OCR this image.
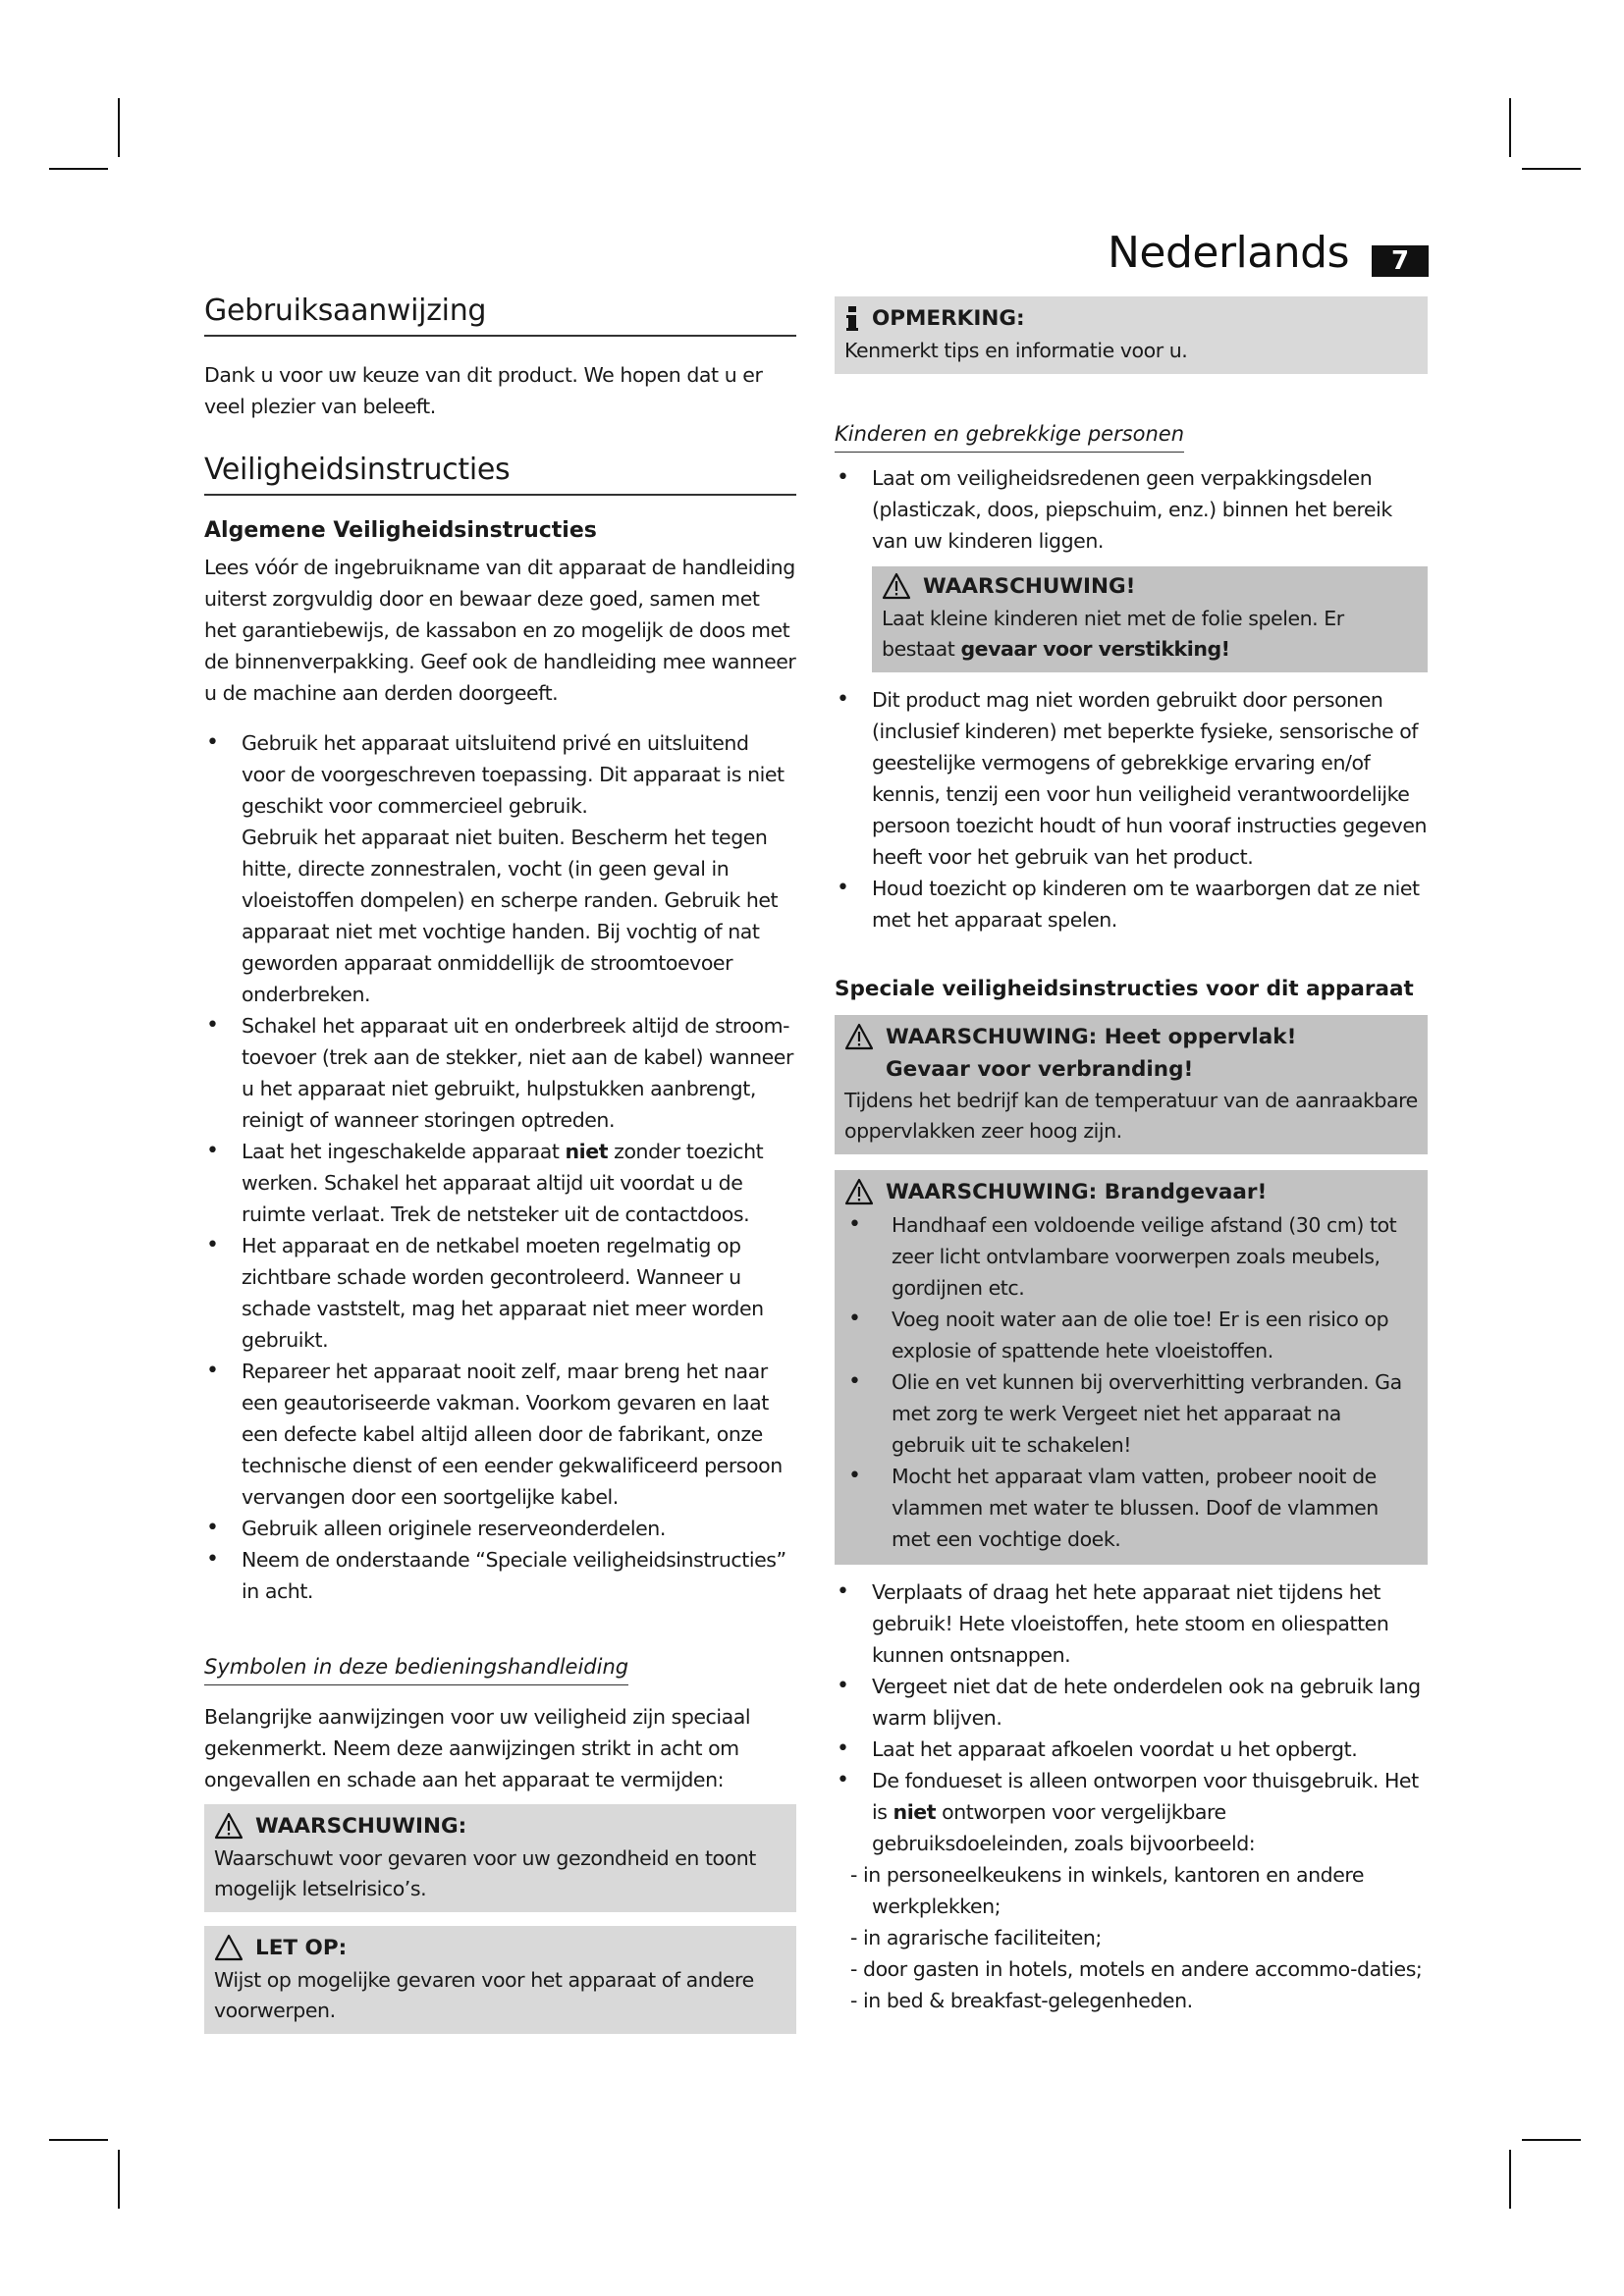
Nederlands	7
Gebruiksaanwijzing

Dank u voor uw keuze van dit product. We hopen dat u er veel plezier van beleeft.

Veiligheidsinstructies
Algemene Veiligheidsinstructies

Lees vóór de ingebruikname van dit apparaat de handleiding uiterst zorgvuldig door en bewaar deze goed, samen met het garantiebewijs, de kassabon en zo mogelijk de doos met de binnenverpakking. Geef ook de handleiding mee wanneer u de machine aan derden doorgeeft.

• Gebruik het apparaat uitsluitend privé en uitsluitend voor de voorgeschreven toepassing. Dit apparaat is niet geschikt voor commercieel gebruik.
Gebruik het apparaat niet buiten. Bescherm het tegen hitte, directe zonnestralen, vocht (in geen geval in vloeistoffen dompelen) en scherpe randen. Gebruik het apparaat niet met vochtige handen. Bij vochtig of nat geworden apparaat onmiddellijk de stroomtoevoer onderbreken.
• Schakel het apparaat uit en onderbreek altijd de stroom-toevoer (trek aan de stekker, niet aan de kabel) wanneer u het apparaat niet gebruikt, hulpstukken aanbrengt, reinigt of wanneer storingen optreden.
• Laat het ingeschakelde apparaat niet zonder toezicht werken. Schakel het apparaat altijd uit voordat u de ruimte verlaat. Trek de netsteker uit de contactdoos.
• Het apparaat en de netkabel moeten regelmatig op zichtbare schade worden gecontroleerd. Wanneer u schade vaststelt, mag het apparaat niet meer worden gebruikt.
• Repareer het apparaat nooit zelf, maar breng het naar een geautoriseerde vakman. Voorkom gevaren en laat een defecte kabel altijd alleen door de fabrikant, onze technische dienst of een eender gekwalificeerd persoon vervangen door een soortgelijke kabel.
• Gebruik alleen originele reserveonderdelen.
• Neem de onderstaande “Speciale veiligheidsinstructies” in acht.
Symbolen in deze bedieningshandleiding

Belangrijke aanwijzingen voor uw veiligheid zijn speciaal gekenmerkt. Neem deze aanwijzingen strikt in acht om ongevallen en schade aan het apparaat te vermijden:

WAARSCHUWING:

Waarschuwt voor gevaren voor uw gezondheid en toont mogelijk letselrisico’s.

LET OP:

Wijst op mogelijke gevaren voor het apparaat of andere voorwerpen.

OPMERKING:

Kenmerkt tips en informatie voor u.

Kinderen en gebrekkige personen
• Laat om veiligheidsredenen geen verpakkingsdelen (plasticzak, doos, piepschuim, enz.) binnen het bereik van uw kinderen liggen.
WAARSCHUWING!

Laat kleine kinderen niet met de folie spelen. Er bestaat gevaar voor verstikking!

• Dit product mag niet worden gebruikt door personen (inclusief kinderen) met beperkte fysieke, sensorische of geestelijke vermogens of gebrekkige ervaring en/of kennis, tenzij een voor hun veiligheid verantwoordelijke persoon toezicht houdt of hun vooraf instructies gegeven heeft voor het gebruik van het product.
• Houd toezicht op kinderen om te waarborgen dat ze niet met het apparaat spelen.
Speciale veiligheidsinstructies voor dit apparaat
WAARSCHUWING: Heet oppervlak!
Gevaar voor verbranding!

Tijdens het bedrijf kan de temperatuur van de aanraakbare oppervlakken zeer hoog zijn.

WAARSCHUWING: Brandgevaar!
• Handhaaf een voldoende veilige afstand (30 cm) tot zeer licht ontvlambare voorwerpen zoals meubels, gordijnen etc.
• Voeg nooit water aan de olie toe! Er is een risico op explosie of spattende hete vloeistoffen.
• Olie en vet kunnen bij oververhitting verbranden. Ga met zorg te werk Vergeet niet het apparaat na gebruik uit te schakelen!
• Mocht het apparaat vlam vatten, probeer nooit de vlammen met water te blussen. Doof de vlammen met een vochtige doek.
• Verplaats of draag het hete apparaat niet tijdens het gebruik! Hete vloeistoffen, hete stoom en oliespatten kunnen ontsnappen.
• Vergeet niet dat de hete onderdelen ook na gebruik lang warm blijven.
• Laat het apparaat afkoelen voordat u het opbergt.
• De fondueset is alleen ontworpen voor thuisgebruik. Het is niet ontworpen voor vergelijkbare gebruiksdoeleinden, zoals bijvoorbeeld:
- in personeelkeukens in winkels, kantoren en andere werkplekken;
- in agrarische faciliteiten;
- door gasten in hotels, motels en andere accommo-daties;
- in bed & breakfast-gelegenheden.
